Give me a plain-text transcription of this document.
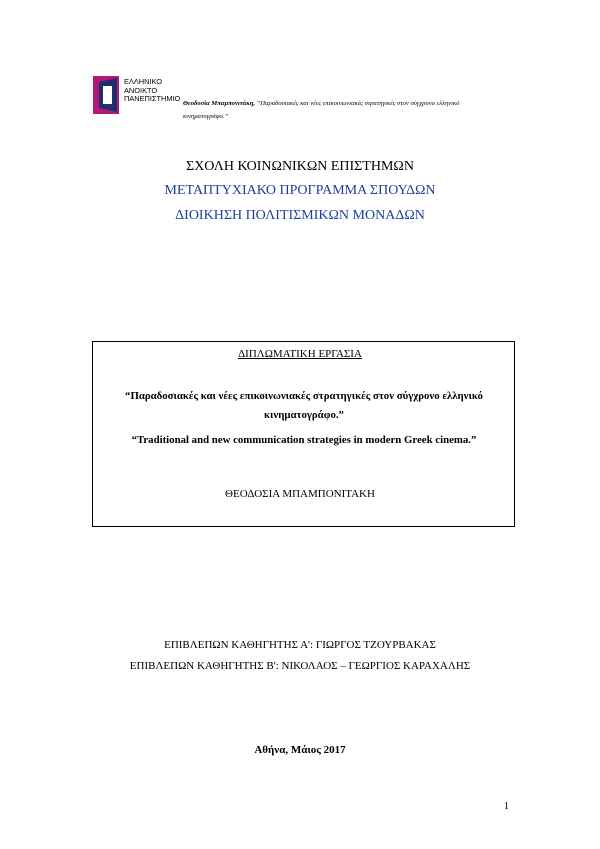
ΕΛΛΗΝΙΚΟ
ΑΝΟΙΚΤΟ
ΠΑΝΕΠΙΣΤΗΜΙΟ
Θεοδοσία Μπαμπονιτάκη, “Παραδοσιακές και νέες επικοινωνιακές στρατηγικές στον σύγχρονο ελληνικό κινηματογράφο.”
ΣΧΟΛΗ ΚΟΙΝΩΝΙΚΩΝ ΕΠΙΣΤΗΜΩΝ
ΜΕΤΑΠΤΥΧΙΑΚΟ ΠΡΟΓΡΑΜΜΑ ΣΠΟΥΔΩΝ
ΔΙΟΙΚΗΣΗ ΠΟΛΙΤΙΣΜΙΚΩΝ ΜΟΝΑΔΩΝ
ΔΙΠΛΩΜΑΤΙΚΗ ΕΡΓΑΣΙΑ
“Παραδοσιακές και νέες επικοινωνιακές στρατηγικές στον σύγχρονο ελληνικό κινηματογράφο.”
“Traditional and new communication strategies in modern Greek cinema.”
ΘΕΟΔΟΣΙΑ ΜΠΑΜΠΟΝΙΤΑΚΗ
ΕΠΙΒΛΕΠΩΝ ΚΑΘΗΓΗΤΗΣ Α': ΓΙΩΡΓΟΣ ΤΖΟΥΡΒΑΚΑΣ
ΕΠΙΒΛΕΠΩΝ ΚΑΘΗΓΗΤΗΣ Β': ΝΙΚΟΛΑΟΣ – ΓΕΩΡΓΙΟΣ ΚΑΡΑΧΑΛΗΣ
Αθήνα, Μάιος 2017
1
